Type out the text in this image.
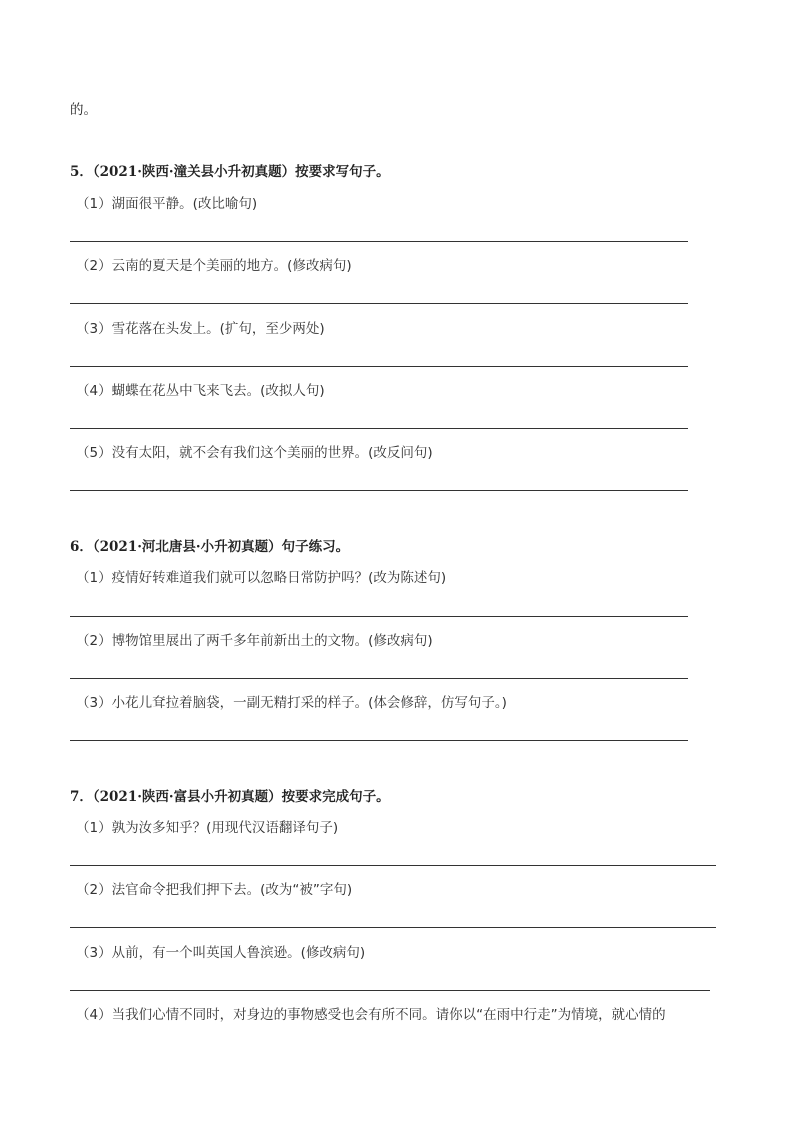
的。
5．（2021·陕西·潼关县小升初真题）按要求写句子。
（1）湖面很平静。(改比喻句)
（2）云南的夏天是个美丽的地方。(修改病句)
（3）雪花落在头发上。(扩句，至少两处)
（4）蝴蝶在花丛中飞来飞去。(改拟人句)
（5）没有太阳，就不会有我们这个美丽的世界。(改反问句)
6．（2021·河北唐县·小升初真题）句子练习。
（1）疫情好转难道我们就可以忽略日常防护吗？(改为陈述句)
（2）博物馆里展出了两千多年前新出土的文物。(修改病句)
（3）小花儿耷拉着脑袋，一副无精打采的样子。(体会修辞，仿写句子。)
7．（2021·陕西·富县小升初真题）按要求完成句子。
（1）孰为汝多知乎？(用现代汉语翻译句子)
（2）法官命令把我们押下去。(改为“被”字句)
（3）从前，有一个叫英国人鲁滨逊。(修改病句)
（4）当我们心情不同时，对身边的事物感受也会有所不同。请你以“在雨中行走”为情境，就心情的
